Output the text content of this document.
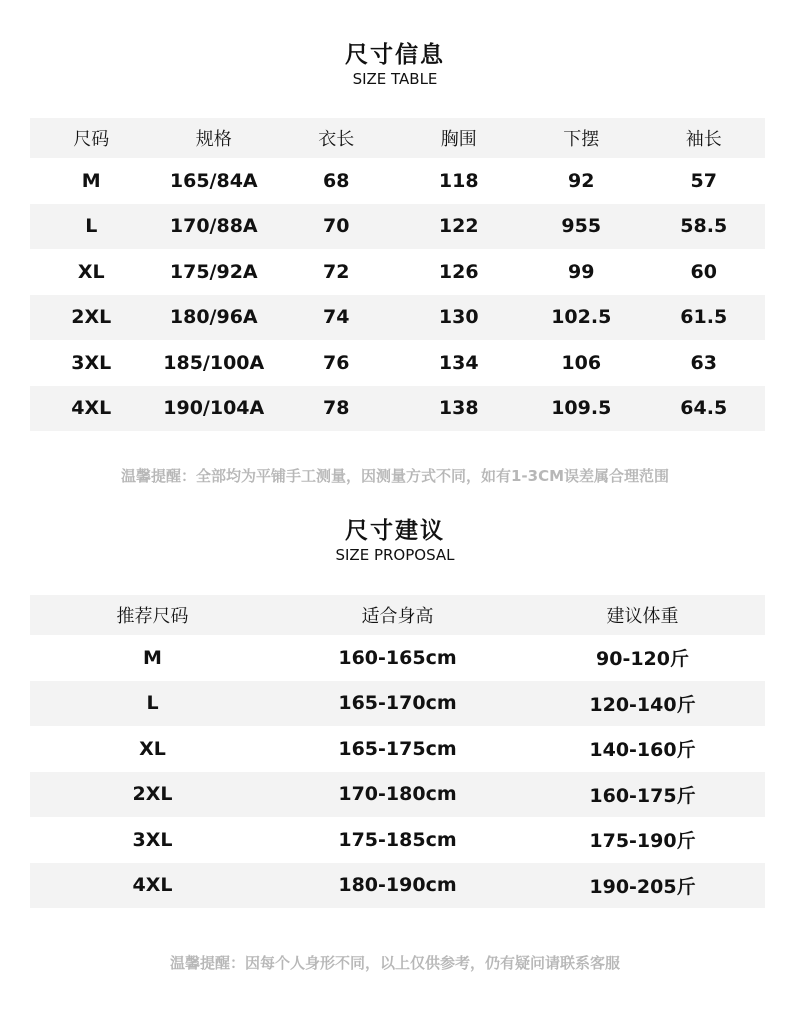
尺寸信息
SIZE TABLE
尺码	规格	衣长	胸围	下摆	袖长
M	165/84A	68	118	92	57
L	170/88A	70	122	955	58.5
XL	175/92A	72	126	99	60
2XL	180/96A	74	130	102.5	61.5
3XL	185/100A	76	134	106	63
4XL	190/104A	78	138	109.5	64.5
温馨提醒：全部均为平铺手工测量，因测量方式不同，如有1-3CM误差属合理范围
尺寸建议
SIZE PROPOSAL
推荐尺码	适合身高	建议体重
M	160-165cm	90-120斤
L	165-170cm	120-140斤
XL	165-175cm	140-160斤
2XL	170-180cm	160-175斤
3XL	175-185cm	175-190斤
4XL	180-190cm	190-205斤
温馨提醒：因每个人身形不同，以上仅供参考，仍有疑问请联系客服
